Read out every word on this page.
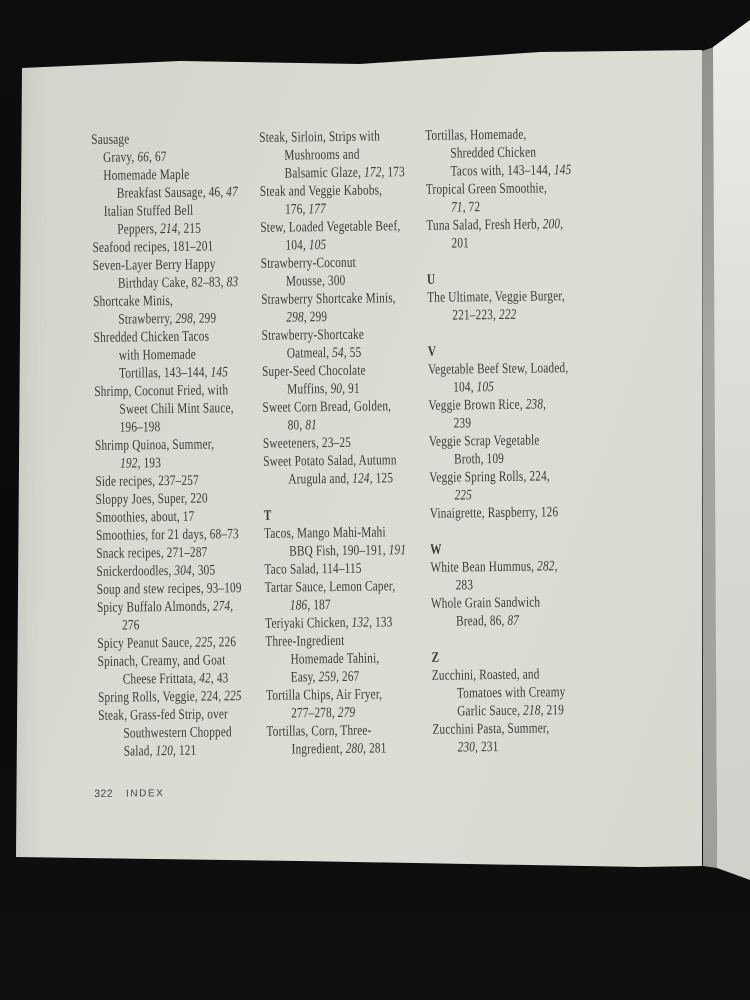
Sausage
Gravy, 66, 67
Homemade Maple
Breakfast Sausage, 46, 47
Italian Stuffed Bell
Peppers, 214, 215
Seafood recipes, 181–201
Seven-Layer Berry Happy
Birthday Cake, 82–83, 83
Shortcake Minis,
Strawberry, 298, 299
Shredded Chicken Tacos
with Homemade
Tortillas, 143–144, 145
Shrimp, Coconut Fried, with
Sweet Chili Mint Sauce,
196–198
Shrimp Quinoa, Summer,
192, 193
Side recipes, 237–257
Sloppy Joes, Super, 220
Smoothies, about, 17
Smoothies, for 21 days, 68–73
Snack recipes, 271–287
Snickerdoodles, 304, 305
Soup and stew recipes, 93–109
Spicy Buffalo Almonds, 274,
276
Spicy Peanut Sauce, 225, 226
Spinach, Creamy, and Goat
Cheese Frittata, 42, 43
Spring Rolls, Veggie, 224, 225
Steak, Grass-fed Strip, over
Southwestern Chopped
Salad, 120, 121
Steak, Sirloin, Strips with
Mushrooms and
Balsamic Glaze, 172, 173
Steak and Veggie Kabobs,
176, 177
Stew, Loaded Vegetable Beef,
104, 105
Strawberry-Coconut
Mousse, 300
Strawberry Shortcake Minis,
298, 299
Strawberry-Shortcake
Oatmeal, 54, 55
Super-Seed Chocolate
Muffins, 90, 91
Sweet Corn Bread, Golden,
80, 81
Sweeteners, 23–25
Sweet Potato Salad, Autumn
Arugula and, 124, 125
T
Tacos, Mango Mahi-Mahi
BBQ Fish, 190–191, 191
Taco Salad, 114–115
Tartar Sauce, Lemon Caper,
186, 187
Teriyaki Chicken, 132, 133
Three-Ingredient
Homemade Tahini,
Easy, 259, 267
Tortilla Chips, Air Fryer,
277–278, 279
Tortillas, Corn, Three-
Ingredient, 280, 281
Tortillas, Homemade,
Shredded Chicken
Tacos with, 143–144, 145
Tropical Green Smoothie,
71, 72
Tuna Salad, Fresh Herb, 200,
201
U
The Ultimate, Veggie Burger,
221–223, 222
V
Vegetable Beef Stew, Loaded,
104, 105
Veggie Brown Rice, 238,
239
Veggie Scrap Vegetable
Broth, 109
Veggie Spring Rolls, 224,
225
Vinaigrette, Raspberry, 126
W
White Bean Hummus, 282,
283
Whole Grain Sandwich
Bread, 86, 87
Z
Zucchini, Roasted, and
Tomatoes with Creamy
Garlic Sauce, 218, 219
Zucchini Pasta, Summer,
230, 231
322 INDEX
